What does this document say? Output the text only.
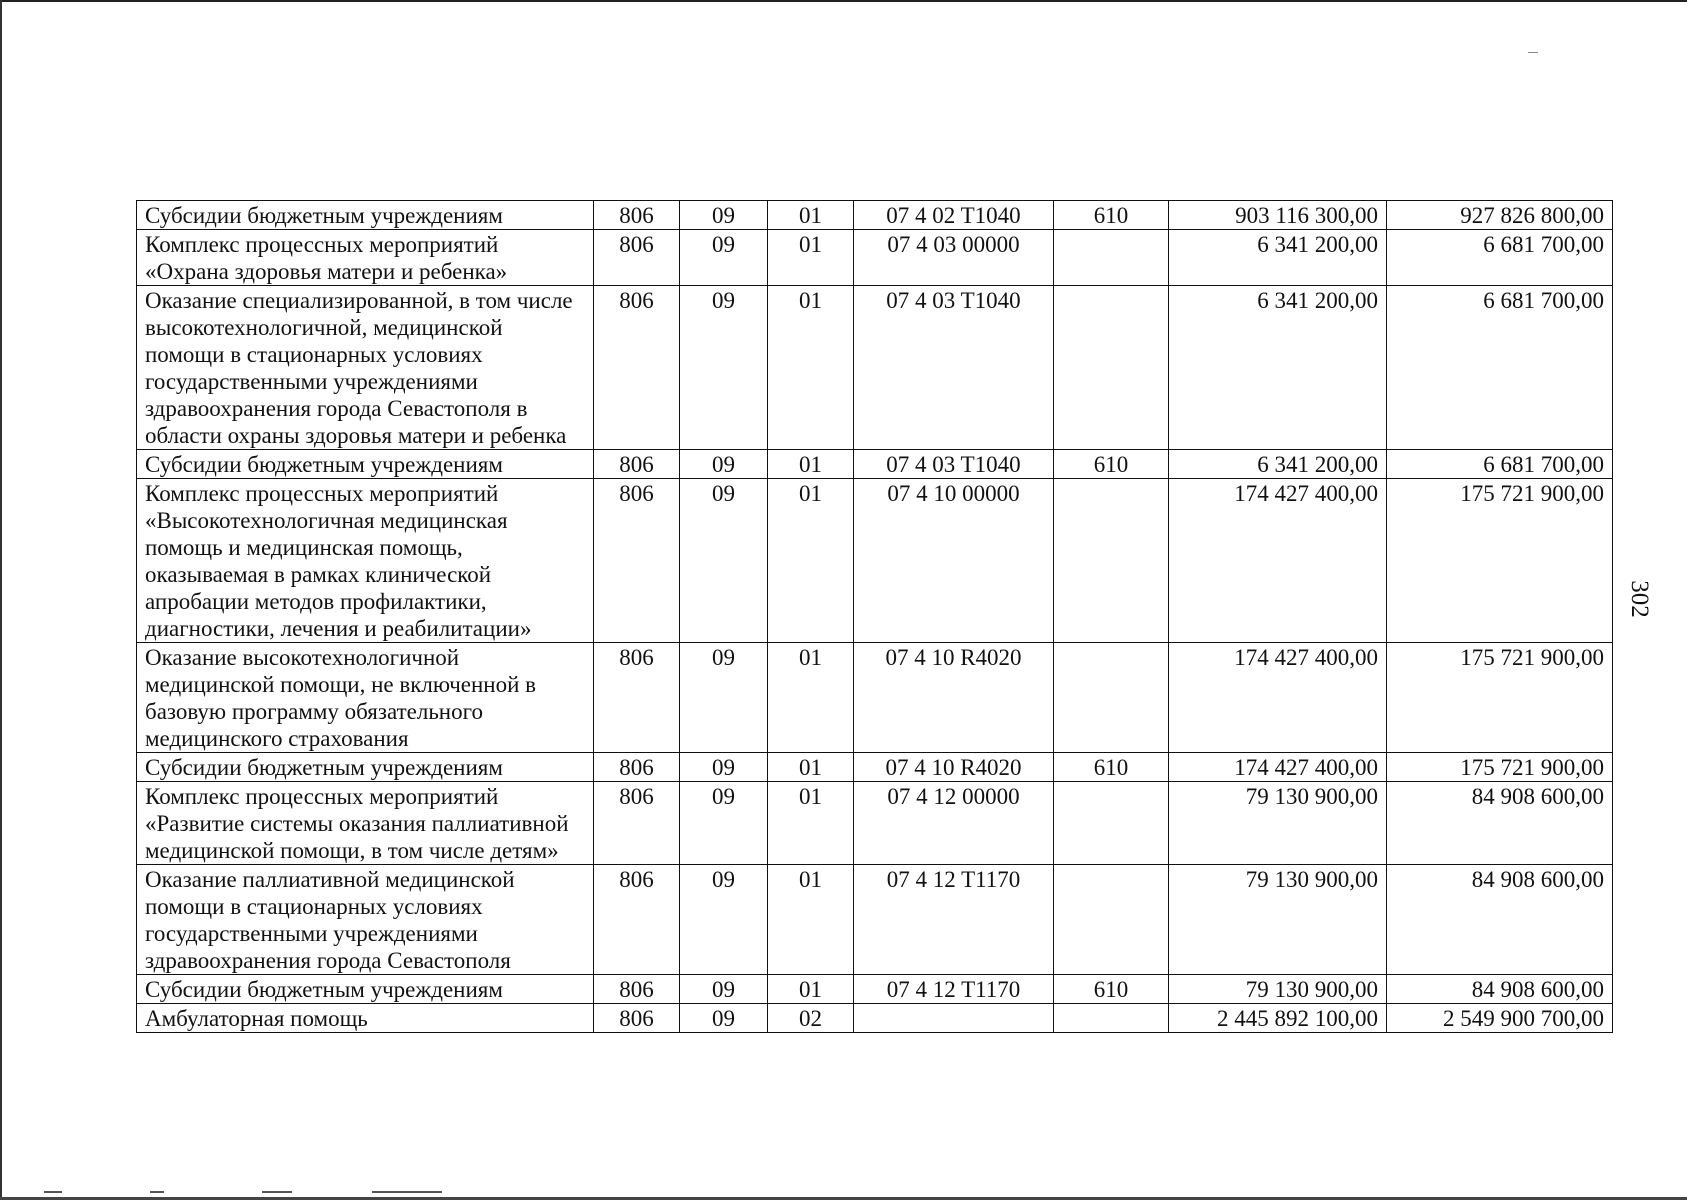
Субсидии бюджетным учреждениям	806	09	01	07 4 02 T1040	610	903 116 300,00	927 826 800,00
Комплекс процессных мероприятий «Охрана здоровья матери и ребенка»	806	09	01	07 4 03 00000		6 341 200,00	6 681 700,00
Оказание специализированной, в том числе высокотехнологичной, медицинской помощи в стационарных условиях государственными учреждениями здравоохранения города Севастополя в области охраны здоровья матери и ребенка	806	09	01	07 4 03 T1040		6 341 200,00	6 681 700,00
Субсидии бюджетным учреждениям	806	09	01	07 4 03 T1040	610	6 341 200,00	6 681 700,00
Комплекс процессных мероприятий «Высокотехнологичная медицинская помощь и медицинская помощь, оказываемая в рамках клинической апробации методов профилактики, диагностики, лечения и реабилитации»	806	09	01	07 4 10 00000		174 427 400,00	175 721 900,00
Оказание высокотехнологичной медицинской помощи, не включенной в базовую программу обязательного медицинского страхования	806	09	01	07 4 10 R4020		174 427 400,00	175 721 900,00
Субсидии бюджетным учреждениям	806	09	01	07 4 10 R4020	610	174 427 400,00	175 721 900,00
Комплекс процессных мероприятий «Развитие системы оказания паллиативной медицинской помощи, в том числе детям»	806	09	01	07 4 12 00000		79 130 900,00	84 908 600,00
Оказание паллиативной медицинской помощи в стационарных условиях государственными учреждениями здравоохранения города Севастополя	806	09	01	07 4 12 T1170		79 130 900,00	84 908 600,00
Субсидии бюджетным учреждениям	806	09	01	07 4 12 T1170	610	79 130 900,00	84 908 600,00
Амбулаторная помощь	806	09	02			2 445 892 100,00	2 549 900 700,00
302
